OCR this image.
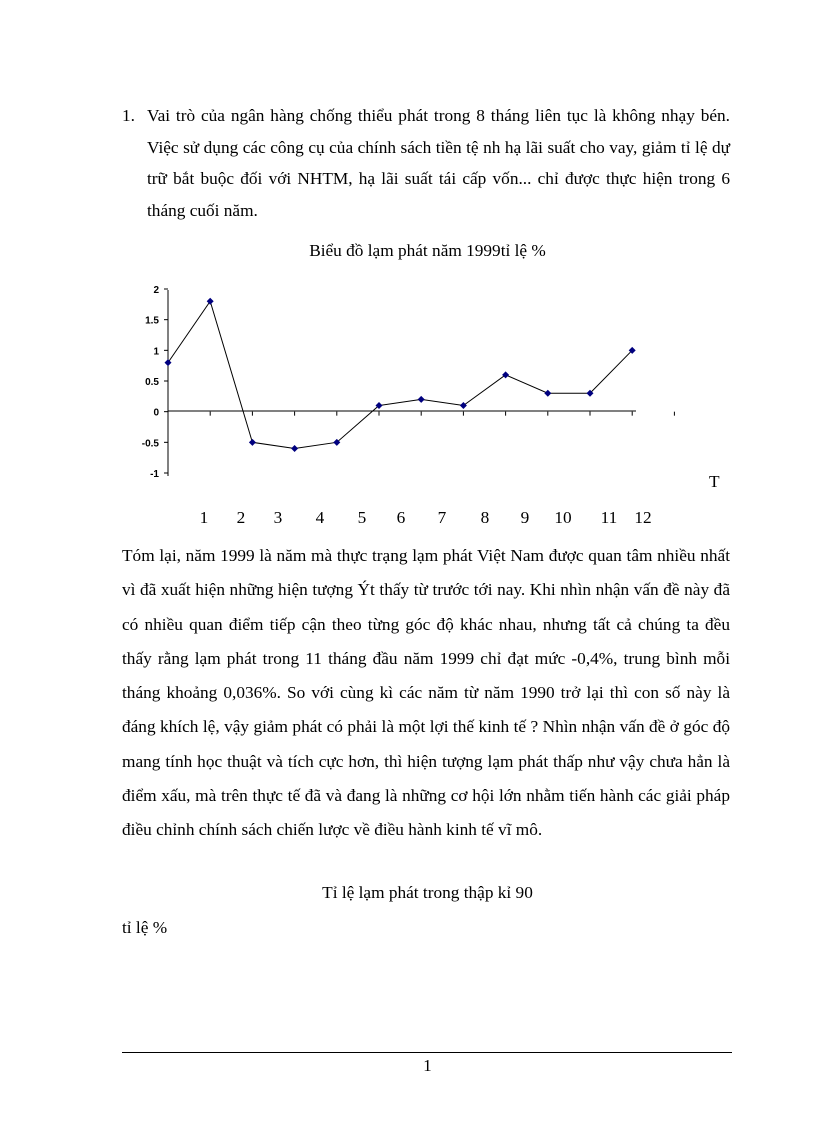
1. Vai trò của ngân hàng chống thiểu phát trong 8 tháng liên tục là không nhạy bén. Việc sử dụng các công cụ của chính sách tiền tệ nh hạ lãi suất cho vay, giảm tỉ lệ dự trữ bắt buộc đối với NHTM, hạ lãi suất tái cấp vốn... chỉ được thực hiện trong 6 tháng cuối năm.
Biểu đồ lạm phát năm 1999tỉ lệ %
2
1.5
1
0.5
0
-0.5
-1
1 2 3 4 5 6 7 8 9 10 11 12
T
Tóm lại, năm 1999 là năm mà thực trạng lạm phát Việt Nam được quan tâm nhiều nhất vì đã xuất hiện những hiện tượng Ýt thấy từ trước tới nay. Khi nhìn nhận vấn đề này đã có nhiều quan điểm tiếp cận theo từng góc độ khác nhau, nhưng tất cả chúng ta đều thấy rằng lạm phát trong 11 tháng đầu năm 1999 chỉ đạt mức -0,4%, trung bình mỗi tháng khoảng 0,036%. So với cùng kì các năm từ năm 1990 trở lại thì con số này là đáng khích lệ, vậy giảm phát có phải là một lợi thế kinh tế ? Nhìn nhận vấn đề ở góc độ mang tính học thuật và tích cực hơn, thì hiện tượng lạm phát thấp như vậy chưa hẳn là điểm xấu, mà trên thực tế đã và đang là những cơ hội lớn nhằm tiến hành các giải pháp điều chỉnh chính sách chiến lược về điều hành kinh tế vĩ mô.
Tỉ lệ lạm phát trong thập kỉ 90
tỉ lệ %
1
